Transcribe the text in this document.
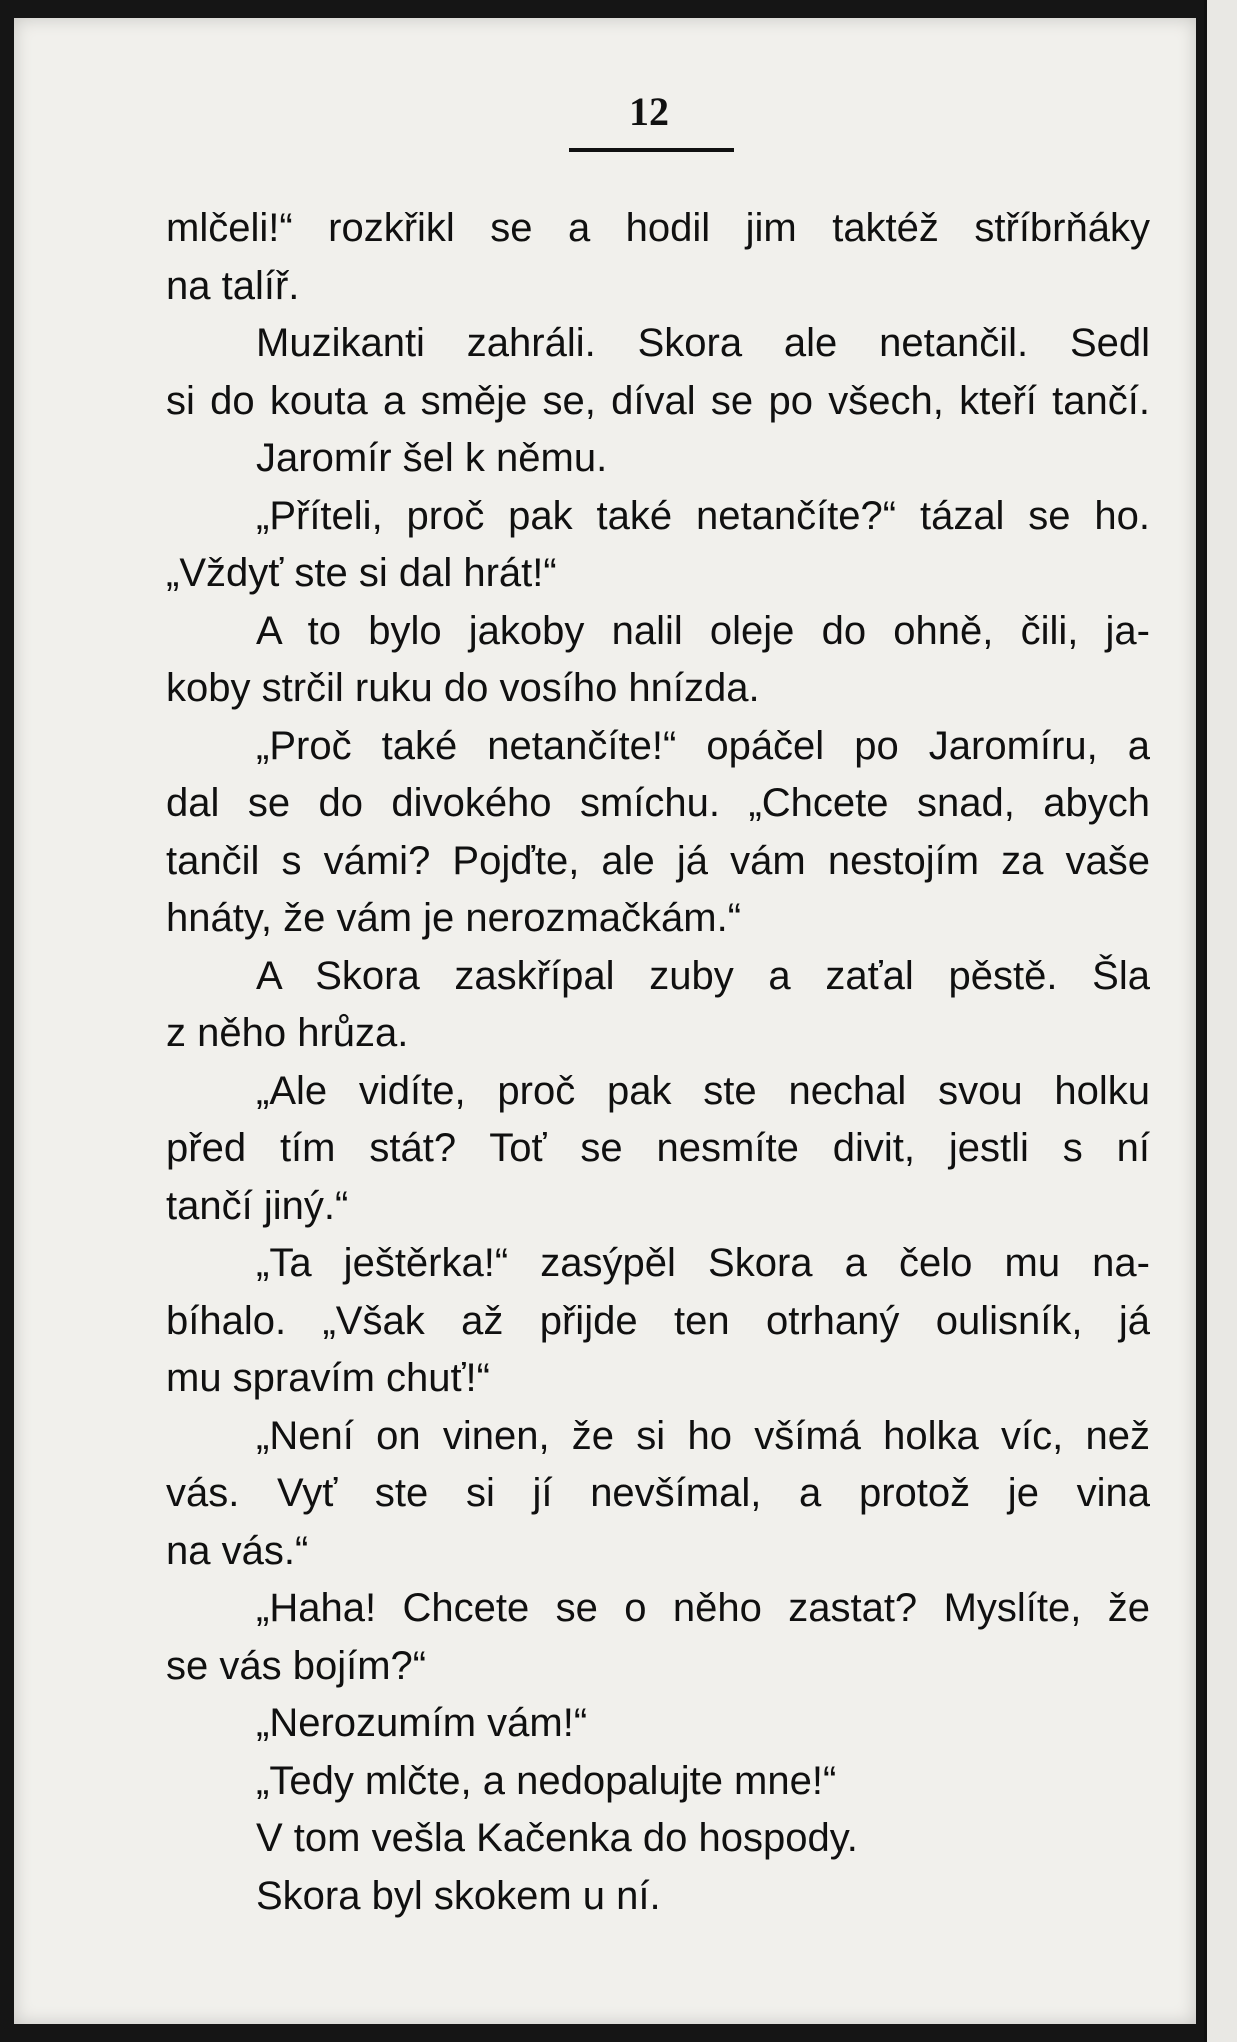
12
mlčeli!“ rozkřikl se a hodil jim taktéž stříbrňáky
na talíř.
Muzikanti zahráli. Skora ale netančil. Sedl
si do kouta a směje se, díval se po všech, kteří tančí.
Jaromír šel k němu.
„Příteli, proč pak také netančíte?“ tázal se ho.
„Vždyť ste si dal hrát!“
A to bylo jakoby nalil oleje do ohně, čili, ja-
koby strčil ruku do vosího hnízda.
„Proč také netančíte!“ opáčel po Jaromíru, a
dal se do divokého smíchu. „Chcete snad, abych
tančil s vámi? Pojďte, ale já vám nestojím za vaše
hnáty, že vám je nerozmačkám.“
A Skora zaskřípal zuby a zaťal pěstě. Šla
z něho hrůza.
„Ale vidíte, proč pak ste nechal svou holku
před tím stát? Toť se nesmíte divit, jestli s ní
tančí jiný.“
„Ta ještěrka!“ zasýpěl Skora a čelo mu na-
bíhalo. „Však až přijde ten otrhaný oulisník, já
mu spravím chuť!“
„Není on vinen, že si ho všímá holka víc, než
vás. Vyť ste si jí nevšímal, a protož je vina
na vás.“
„Haha! Chcete se o něho zastat? Myslíte, že
se vás bojím?“
„Nerozumím vám!“
„Tedy mlčte, a nedopalujte mne!“
V tom vešla Kačenka do hospody.
Skora byl skokem u ní.
